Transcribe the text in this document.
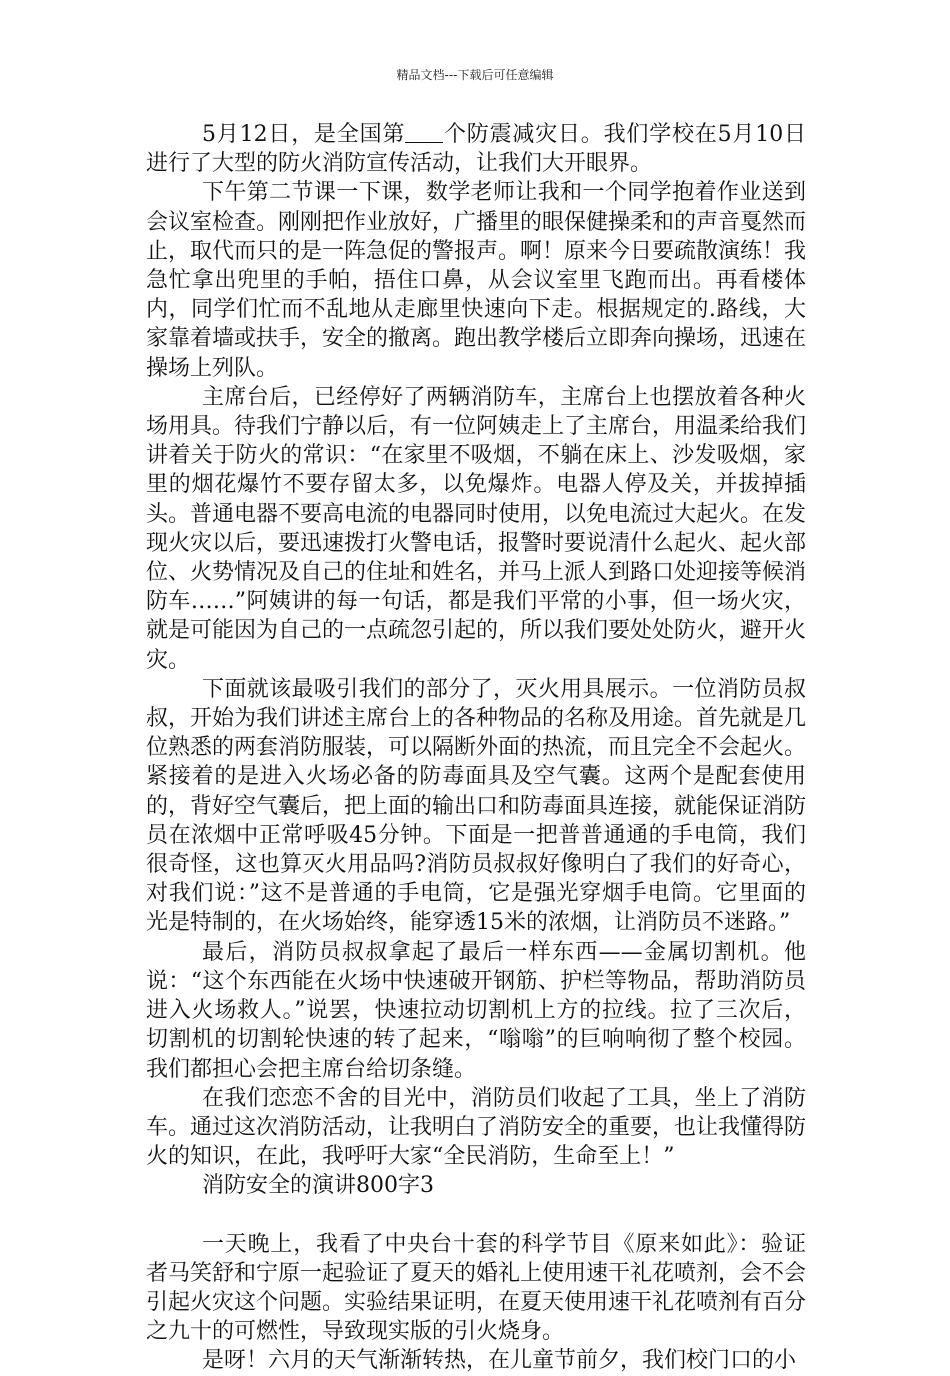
精品文档---下载后可任意编辑

5月12日，是全国第 个防震减灾日。我们学校在5月10日进行了大型的防火消防宣传活动，让我们大开眼界。

下午第二节课一下课，数学老师让我和一个同学抱着作业送到会议室检查。刚刚把作业放好，广播里的眼保健操柔和的声音戛然而止，取代而只的是一阵急促的警报声。啊！原来今日要疏散演练！我急忙拿出兜里的手帕，捂住口鼻，从会议室里飞跑而出。再看楼体内，同学们忙而不乱地从走廊里快速向下走。根据规定的.路线，大家靠着墙或扶手，安全的撤离。跑出教学楼后立即奔向操场，迅速在操场上列队。

主席台后，已经停好了两辆消防车，主席台上也摆放着各种火场用具。待我们宁静以后，有一位阿姨走上了主席台，用温柔给我们讲着关于防火的常识：“在家里不吸烟，不躺在床上、沙发吸烟，家里的烟花爆竹不要存留太多，以免爆炸。电器人停及关，并拔掉插头。普通电器不要高电流的电器同时使用，以免电流过大起火。在发现火灾以后，要迅速拨打火警电话，报警时要说清什么起火、起火部位、火势情况及自己的住址和姓名，并马上派人到路口处迎接等候消防车……”阿姨讲的每一句话，都是我们平常的小事，但一场火灾，就是可能因为自己的一点疏忽引起的，所以我们要处处防火，避开火灾。

下面就该最吸引我们的部分了，灭火用具展示。一位消防员叔叔，开始为我们讲述主席台上的各种物品的名称及用途。首先就是几位熟悉的两套消防服装，可以隔断外面的热流，而且完全不会起火。紧接着的是进入火场必备的防毒面具及空气囊。这两个是配套使用的，背好空气囊后，把上面的输出口和防毒面具连接，就能保证消防员在浓烟中正常呼吸45分钟。下面是一把普普通通的手电筒，我们很奇怪，这也算灭火用品吗?消防员叔叔好像明白了我们的好奇心，对我们说：”这不是普通的手电筒，它是强光穿烟手电筒。它里面的光是特制的，在火场始终，能穿透15米的浓烟，让消防员不迷路。”

最后，消防员叔叔拿起了最后一样东西——金属切割机。他说：“这个东西能在火场中快速破开钢筋、护栏等物品，帮助消防员进入火场救人。”说罢，快速拉动切割机上方的拉线。拉了三次后，切割机的切割轮快速的转了起来，“嗡嗡”的巨响响彻了整个校园。我们都担心会把主席台给切条缝。

在我们恋恋不舍的目光中，消防员们收起了工具，坐上了消防车。通过这次消防活动，让我明白了消防安全的重要，也让我懂得防火的知识，在此，我呼吁大家“全民消防，生命至上！”

消防安全的演讲800字3

一天晚上，我看了中央台十套的科学节目《原来如此》：验证者马笑舒和宁原一起验证了夏天的婚礼上使用速干礼花喷剂，会不会引起火灾这个问题。实验结果证明，在夏天使用速干礼花喷剂有百分之九十的可燃性，导致现实版的引火烧身。

是呀！六月的天气渐渐转热，在儿童节前夕，我们校门口的小
